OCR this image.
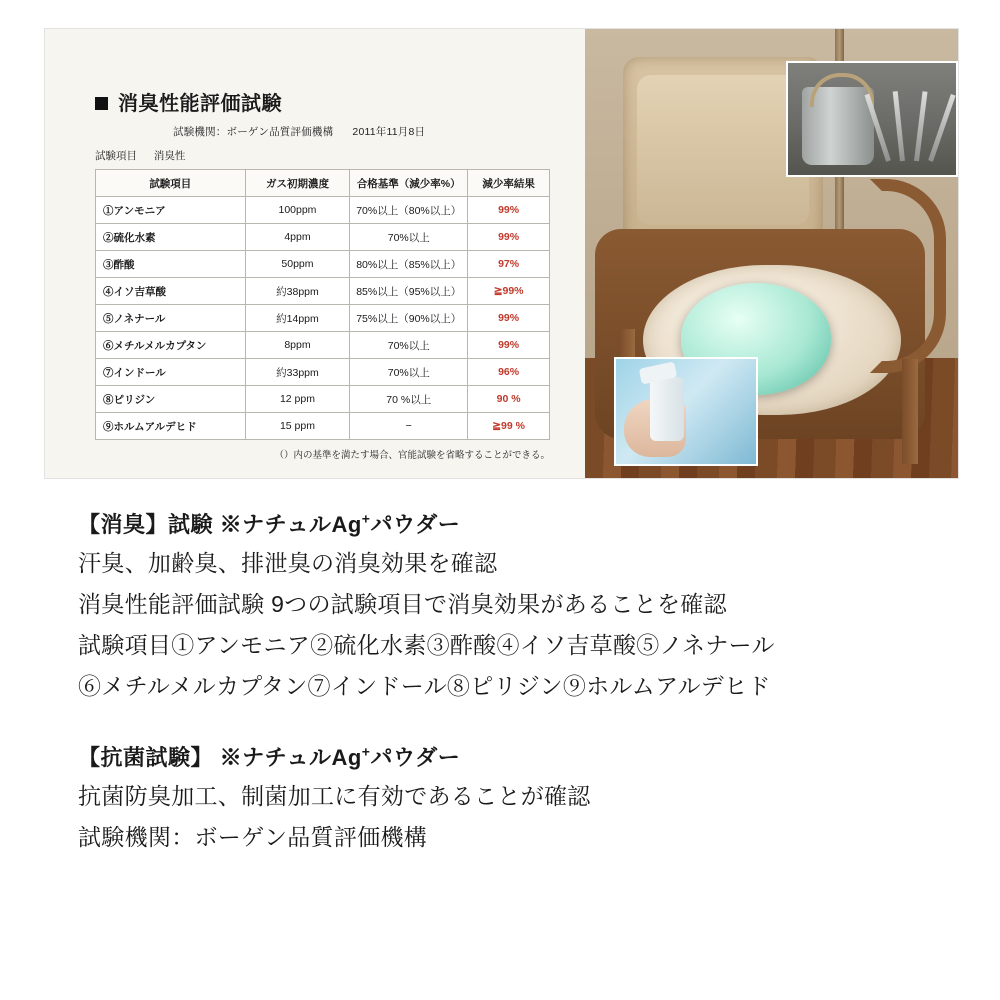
消臭性能評価試験
試験機関：ボーゲン品質評価機構 2011年11月8日
試験項目 消臭性
試験項目	ガス初期濃度	合格基準（減少率%）	減少率結果
①アンモニア	100ppm	70%以上（80%以上）	99%
②硫化水素	4ppm	70%以上	99%
③酢酸	50ppm	80%以上（85%以上）	97%
④イソ吉草酸	約38ppm	85%以上（95%以上）	≧99%
⑤ノネナール	約14ppm	75%以上（90%以上）	99%
⑥メチルメルカプタン	8ppm	70%以上	99%
⑦インドール	約33ppm	70%以上	96%
⑧ピリジン	12 ppm	70 %以上	90 %
⑨ホルムアルデヒド	15 ppm	−	≧99 %
（）内の基準を満たす場合、官能試験を省略することができる。
【消臭】試験 ※ナチュルAg+パウダー

汗臭、加齢臭、排泄臭の消臭効果を確認

消臭性能評価試験 9つの試験項目で消臭効果があることを確認

試験項目①アンモニア②硫化水素③酢酸④イソ吉草酸⑤ノネナール

⑥メチルメルカプタン⑦インドール⑧ピリジン⑨ホルムアルデヒド

【抗菌試験】 ※ナチュルAg+パウダー

抗菌防臭加工、制菌加工に有効であることが確認

試験機関：ボーゲン品質評価機構
